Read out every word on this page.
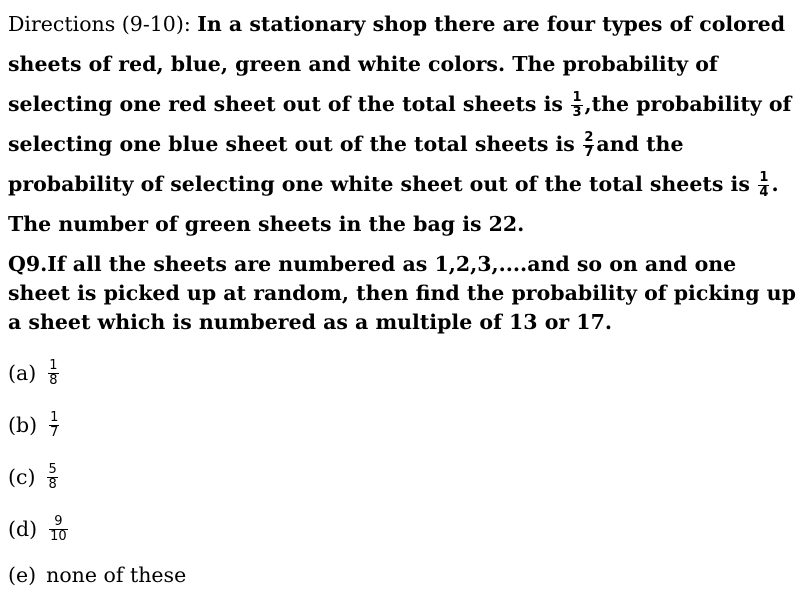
Directions (9-10): In a stationary shop there are four types of colored sheets of red, blue, green and white colors. The probability of selecting one red sheet out of the total sheets is $\frac{1}{3} ,the$ probability of selecting one blue sheet out of the total sheets is $\frac{2}{7}$ and the probability of selecting one white sheet out of the total sheets is $\frac{1}{4}$ . The number of green sheets in the bag is 22.

Q9.If all the sheets are numbered as 1,2,3,....and so on and one sheet is picked up at random, then find the probability of picking up a sheet which is numbered as a multiple of 13 or 17.

$(a) \frac{1}{8}$
$(b) \frac{1}{7}$
$(c) \frac{5}{8}$
$(d) \frac{9}{10}$
(e) none of these
